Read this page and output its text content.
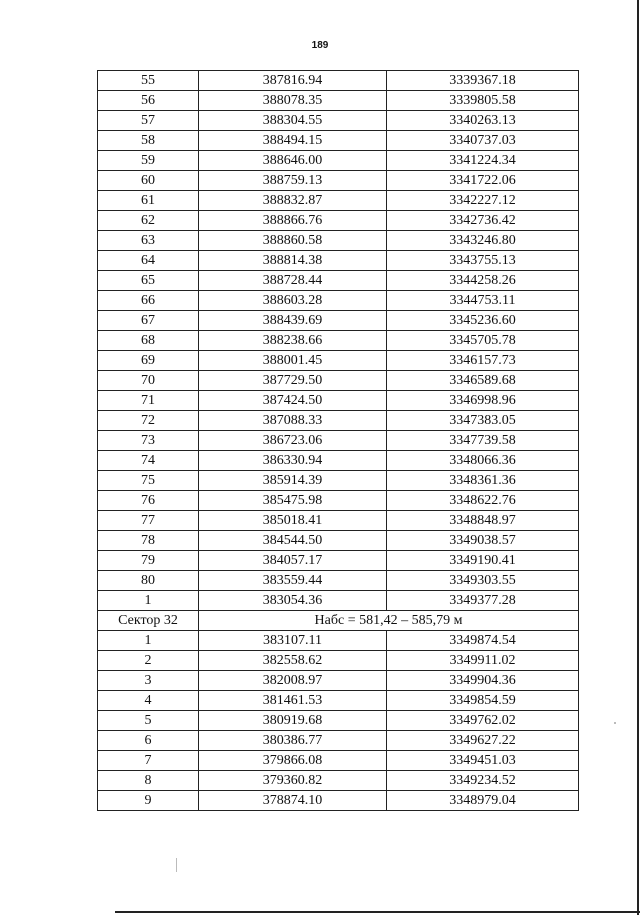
189
55	387816.94	3339367.18
56	388078.35	3339805.58
57	388304.55	3340263.13
58	388494.15	3340737.03
59	388646.00	3341224.34
60	388759.13	3341722.06
61	388832.87	3342227.12
62	388866.76	3342736.42
63	388860.58	3343246.80
64	388814.38	3343755.13
65	388728.44	3344258.26
66	388603.28	3344753.11
67	388439.69	3345236.60
68	388238.66	3345705.78
69	388001.45	3346157.73
70	387729.50	3346589.68
71	387424.50	3346998.96
72	387088.33	3347383.05
73	386723.06	3347739.58
74	386330.94	3348066.36
75	385914.39	3348361.36
76	385475.98	3348622.76
77	385018.41	3348848.97
78	384544.50	3349038.57
79	384057.17	3349190.41
80	383559.44	3349303.55
1	383054.36	3349377.28
Сектор 32	Набс = 581,42 – 585,79 м	
1	383107.11	3349874.54
2	382558.62	3349911.02
3	382008.97	3349904.36
4	381461.53	3349854.59
5	380919.68	3349762.02
6	380386.77	3349627.22
7	379866.08	3349451.03
8	379360.82	3349234.52
9	378874.10	3348979.04
